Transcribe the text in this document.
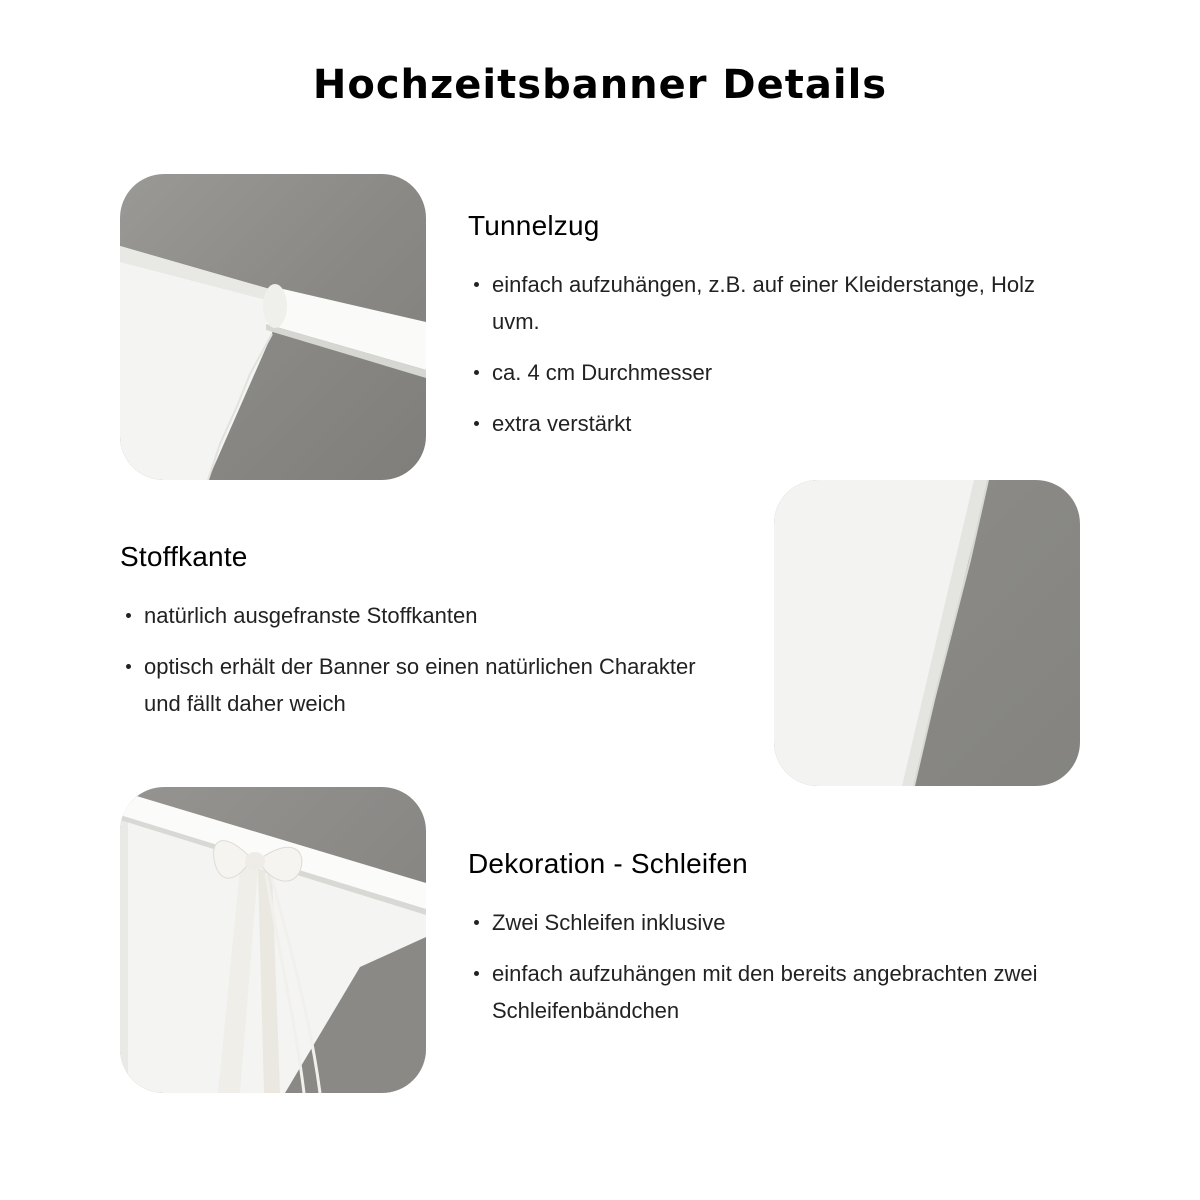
Hochzeitsbanner Details
Tunnelzug
einfach aufzuhängen, z.B. auf einer Kleiderstange, Holz uvm.
ca. 4 cm Durchmesser
extra verstärkt
Stoffkante
natürlich ausgefranste Stoffkanten
optisch erhält der Banner so einen natürlichen Charakter und fällt daher weich
Dekoration - Schleifen
Zwei Schleifen inklusive
einfach aufzuhängen mit den bereits angebrachten zwei Schleifenbändchen
